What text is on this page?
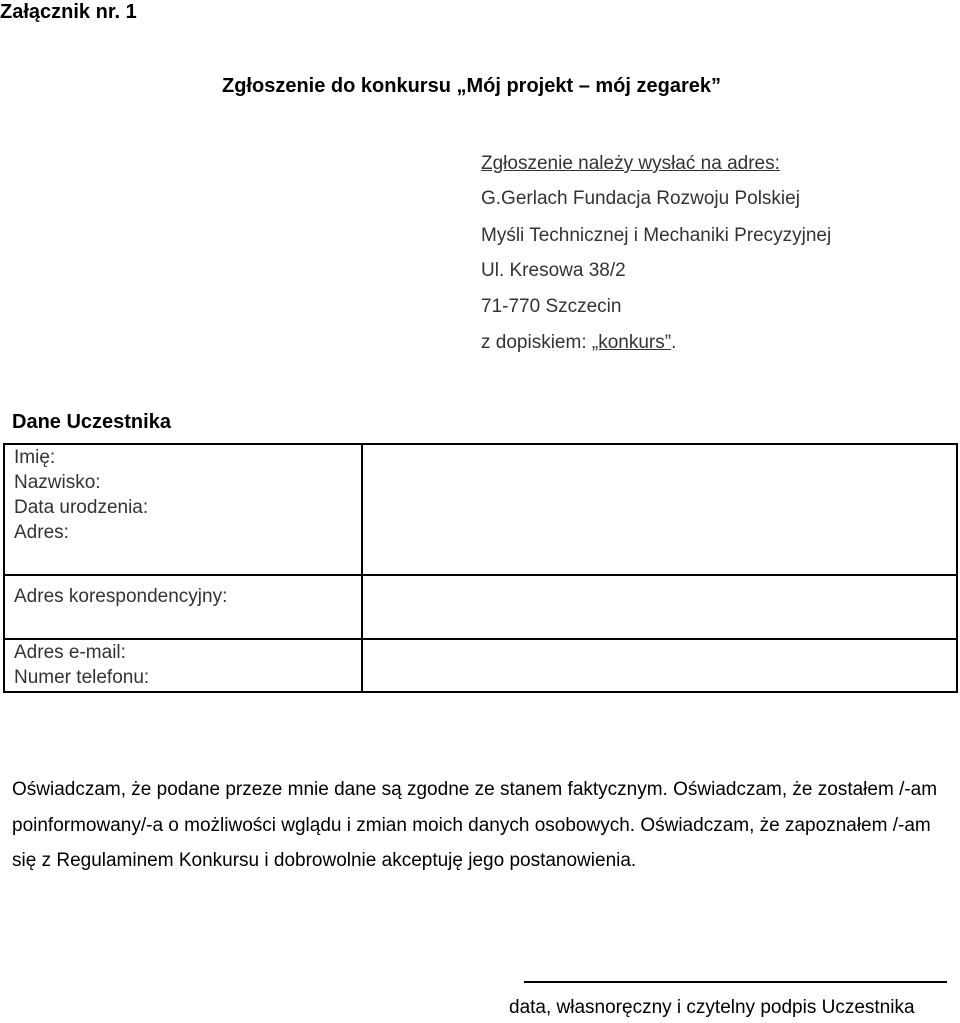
Załącznik nr. 1
Zgłoszenie do konkursu „Mój projekt – mój zegarek”
Zgłoszenie należy wysłać na adres:
G.Gerlach Fundacja Rozwoju Polskiej
Myśli Technicznej i Mechaniki Precyzyjnej
Ul. Kresowa 38/2
71-770 Szczecin
z dopiskiem: „konkurs”.
Dane Uczestnika
Imię:
Nazwisko:
Data urodzenia:
Adres:	

Adres korespondencyjny:	

Adres e-mail:
Numer telefonu:	

Oświadczam, że podane przeze mnie dane są zgodne ze stanem faktycznym. Oświadczam, że zostałem /-am poinformowany/-a o możliwości wglądu i zmian moich danych osobowych. Oświadczam, że zapoznałem /-am się z Regulaminem Konkursu i dobrowolnie akceptuję jego postanowienia.

data, własnoręczny i czytelny podpis Uczestnika
